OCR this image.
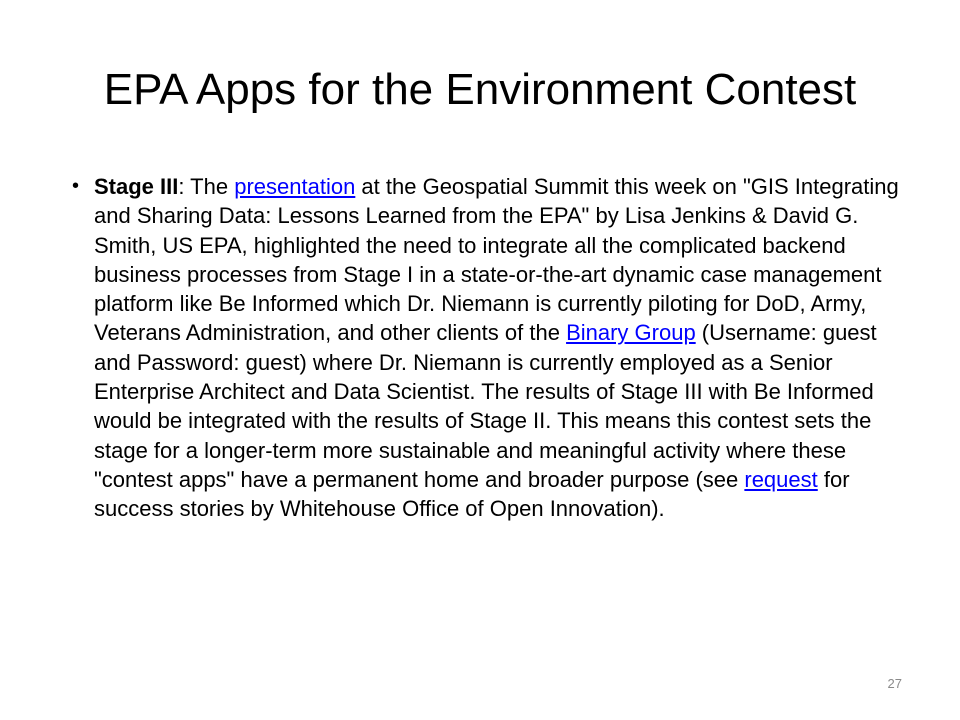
EPA Apps for the Environment Contest
• Stage III: The presentation at the Geospatial Summit this week on "GIS Integrating and Sharing Data: Lessons Learned from the EPA" by Lisa Jenkins & David G. Smith, US EPA, highlighted the need to integrate all the complicated backend business processes from Stage I in a state-or-the-art dynamic case management platform like Be Informed which Dr. Niemann is currently piloting for DoD, Army, Veterans Administration, and other clients of the Binary Group (Username: guest and Password: guest) where Dr. Niemann is currently employed as a Senior Enterprise Architect and Data Scientist. The results of Stage III with Be Informed would be integrated with the results of Stage II. This means this contest sets the stage for a longer-term more sustainable and meaningful activity where these "contest apps" have a permanent home and broader purpose (see request for success stories by Whitehouse Office of Open Innovation).
27
